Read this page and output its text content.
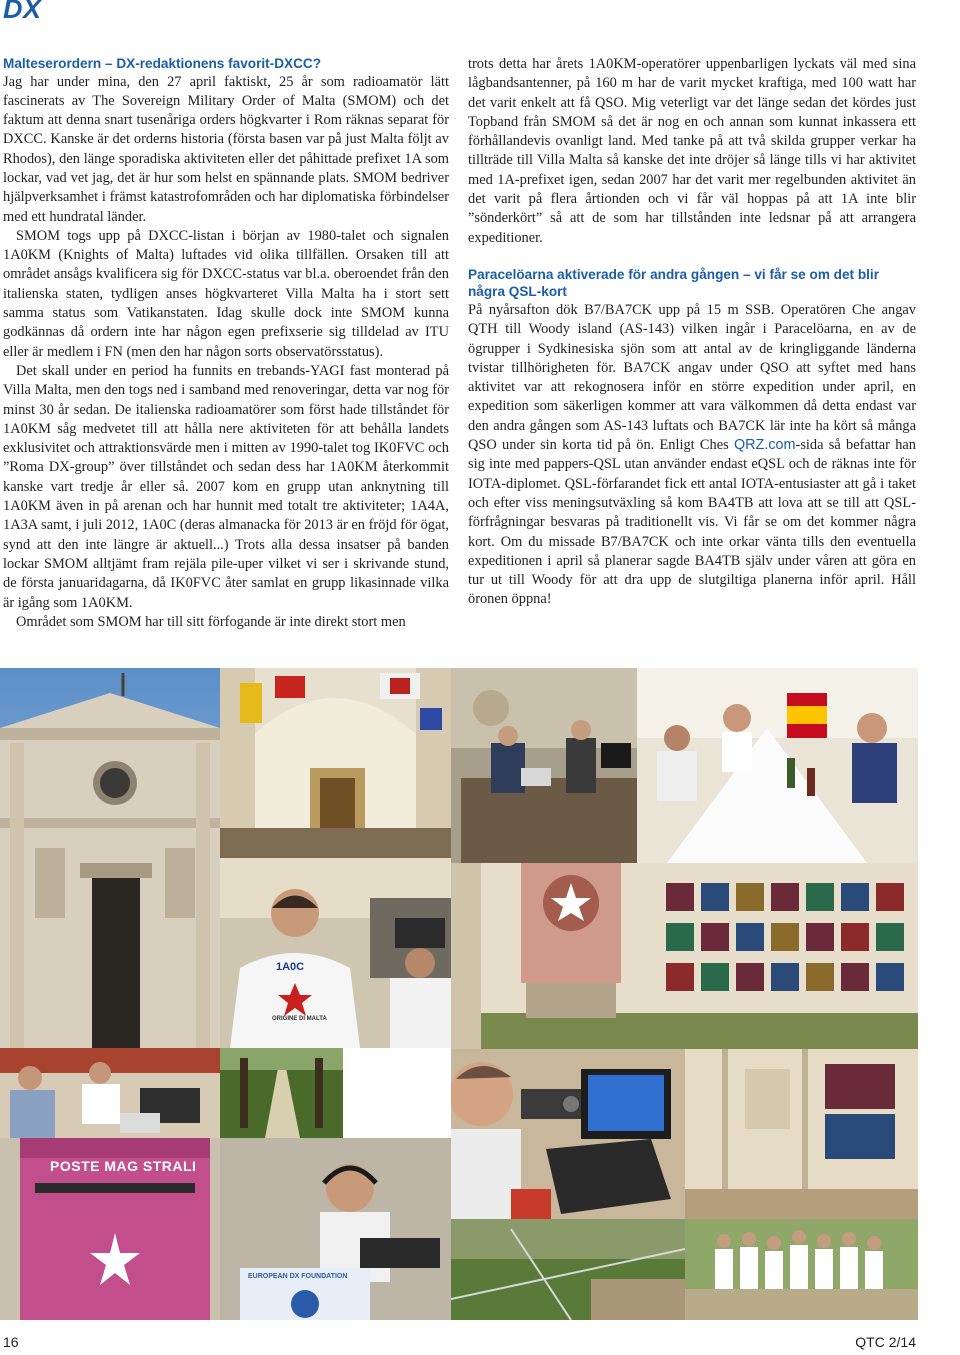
DX

Malteserordern – DX-redaktionens favorit-DXCC?

Jag har under mina, den 27 april faktiskt, 25 år som radioamatör lätt fascinerats av The Sovereign Military Order of Malta (SMOM) och det faktum att denna snart tusenåriga orders högkvarter i Rom räknas separat för DXCC. Kanske är det orderns historia (första basen var på just Malta följt av Rhodos), den länge sporadiska aktiviteten eller det påhittade prefixet 1A som lockar, vad vet jag, det är hur som helst en spännande plats. SMOM bedriver hjälpverksamhet i främst katastrofområden och har diplomatiska förbindelser med ett hundratal länder.

SMOM togs upp på DXCC-listan i början av 1980-talet och signalen 1A0KM (Knights of Malta) luftades vid olika tillfällen. Orsaken till att området ansågs kvalificera sig för DXCC-status var bl.a. oberoendet från den italienska staten, tydligen anses högkvarteret Villa Malta ha i stort sett samma status som Vatikanstaten. Idag skulle dock inte SMOM kunna godkännas då ordern inte har någon egen prefixserie sig tilldelad av ITU eller är medlem i FN (men den har någon sorts observatörsstatus).

Det skall under en period ha funnits en trebands-YAGI fast monterad på Villa Malta, men den togs ned i samband med renoveringar, detta var nog för minst 30 år sedan. De italienska radioamatörer som först hade tillståndet för 1A0KM såg medvetet till att hålla nere aktiviteten för att behålla landets exklusivitet och attraktionsvärde men i mitten av 1990-talet tog IK0FVC och ”Roma DX-group” över tillståndet och sedan dess har 1A0KM återkommit kanske vart tredje år eller så. 2007 kom en grupp utan anknytning till 1A0KM även in på arenan och har hunnit med totalt tre aktiviteter; 1A4A, 1A3A samt, i juli 2012, 1A0C (deras almanacka för 2013 är en fröjd för ögat, synd att den inte längre är aktuell...) Trots alla dessa insatser på banden lockar SMOM alltjämt fram rejäla pile-uper vilket vi ser i skrivande stund, de första januaridagarna, då IK0FVC åter samlat en grupp likasinnade vilka är igång som 1A0KM.

Området som SMOM har till sitt förfogande är inte direkt stort men

trots detta har årets 1A0KM-operatörer uppenbarligen lyckats väl med sina lågbandsantenner, på 160 m har de varit mycket kraftiga, med 100 watt har det varit enkelt att få QSO. Mig veterligt var det länge sedan det kördes just Topband från SMOM så det är nog en och annan som kunnat inkassera ett förhållandevis ovanligt land. Med tanke på att två skilda grupper verkar ha tillträde till Villa Malta så kanske det inte dröjer så länge tills vi har aktivitet med 1A-prefixet igen, sedan 2007 har det varit mer regelbunden aktivitet än det varit på flera årtionden och vi får väl hoppas på att 1A inte blir ”sönderkört” så att de som har tillstånden inte ledsnar på att arrangera expeditioner.

Paracelöarna aktiverade för andra gången – vi får se om det blir några QSL-kort

På nyårsafton dök B7/BA7CK upp på 15 m SSB. Operatören Che angav QTH till Woody island (AS-143) vilken ingår i Paracelöarna, en av de ögrupper i Sydkinesiska sjön som att antal av de kringliggande länderna tvistar tillhörigheten för. BA7CK angav under QSO att syftet med hans aktivitet var att rekognosera inför en större expedition under april, en expedition som säkerligen kommer att vara välkommen då detta endast var den andra gången som AS-143 luftats och BA7CK lär inte ha kört så många QSO under sin korta tid på ön. Enligt Ches QRZ.com-sida så befattar han sig inte med pappers-QSL utan använder endast eQSL och de räknas inte för IOTA-diplomet. QSL-förfarandet fick ett antal IOTA-entusiaster att gå i taket och efter viss meningsutväxling så kom BA4TB att lova att se till att QSL-förfrågningar besvaras på traditionellt vis. Vi får se om det kommer några kort. Om du missade B7/BA7CK och inte orkar vänta tills den eventuella expeditionen i april så planerar sagde BA4TB själv under våren att göra en tur ut till Woody för att dra upp de slutgiltiga planerna inför april. Håll öronen öppna!

1A0C
ORIGINE DI MALTA
POSTE MAG STRALI
EUROPEAN DX FOUNDATION
16	QTC 2/14
